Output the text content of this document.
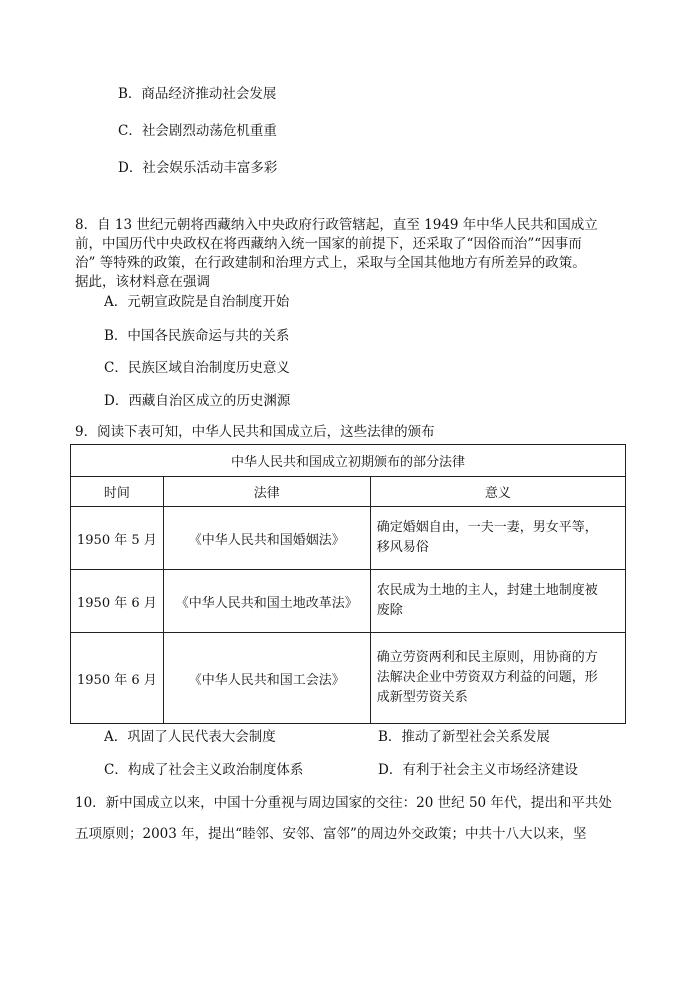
B．商品经济推动社会发展
C．社会剧烈动荡危机重重
D．社会娱乐活动丰富多彩
8．自 13 世纪元朝将西藏纳入中央政府行政管辖起，直至 1949 年中华人民共和国成立
前，中国历代中央政权在将西藏纳入统一国家的前提下，还采取了“因俗而治”“因事而
治” 等特殊的政策，在行政建制和治理方式上，采取与全国其他地方有所差异的政策。
据此，该材料意在强调
A．元朝宣政院是自治制度开始
B．中国各民族命运与共的关系
C．民族区域自治制度历史意义
D．西藏自治区成立的历史渊源
9．阅读下表可知，中华人民共和国成立后，这些法律的颁布
中华人民共和国成立初期颁布的部分法律		
时间	法律	意义
1950 年 5 月	《中华人民共和国婚姻法》	确定婚姻自由，一夫一妻，男女平等，
移风易俗

1950 年 6 月	《中华人民共和国土地改革法》	农民成为土地的主人，封建土地制度被
废除

1950 年 6 月	《中华人民共和国工会法》	确立劳资两利和民主原则，用协商的方
法解决企业中劳资双方利益的问题，形
成新型劳资关系
A．巩固了人民代表大会制度	B．推动了新型社会关系发展
C．构成了社会主义政治制度体系	D．有利于社会主义市场经济建设
10．新中国成立以来，中国十分重视与周边国家的交往：20 世纪 50 年代，提出和平共处
五项原则；2003 年，提出“睦邻、安邻、富邻”的周边外交政策；中共十八大以来，坚
